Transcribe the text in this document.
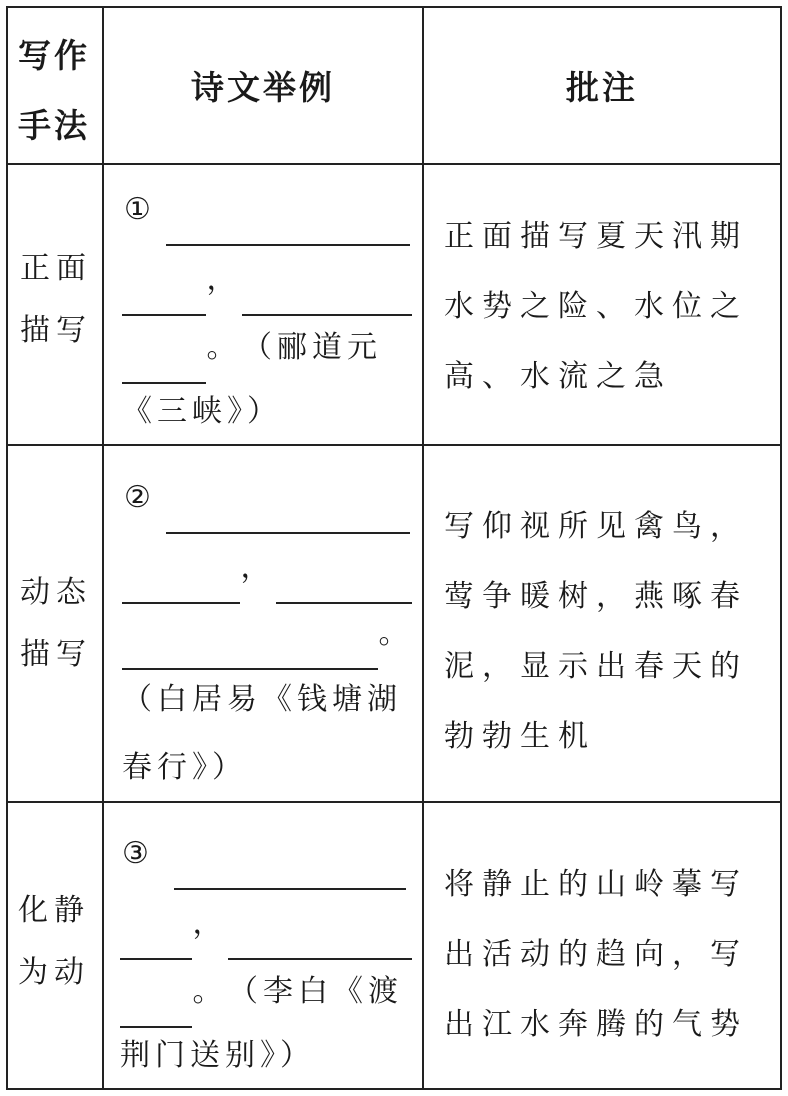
写作
手法
诗文举例	批注
正面
描写
①
，
。 （郦道元
《三峡》）
正面描写夏天汛期
水势之险、水位之
高、水流之急
动态
描写
②
，
。
（白居易《钱塘湖
春行》）
写仰视所见禽鸟，
莺争暖树，燕啄春
泥，显示出春天的
勃勃生机
化静
为动
③
，
。 （李白《渡
荆门送别》）
将静止的山岭摹写
出活动的趋向，写
出江水奔腾的气势
